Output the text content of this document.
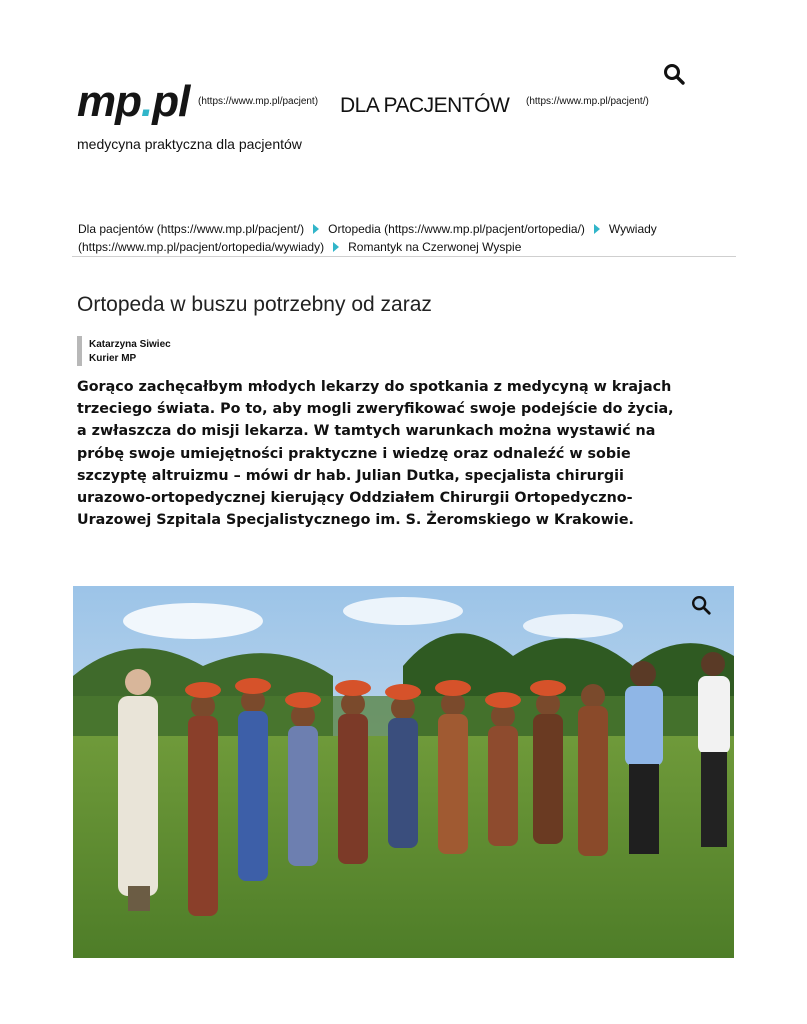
mp.pl (https://www.mp.pl/pacjent) DLA PACJENTÓW (https://www.mp.pl/pacjent/)
medycyna praktyczna dla pacjentów
Dla pacjentów (https://www.mp.pl/pacjent/) Ortopedia (https://www.mp.pl/pacjent/ortopedia/) Wywiady (https://www.mp.pl/pacjent/ortopedia/wywiady) Romantyk na Czerwonej Wyspie
Ortopeda w buszu potrzebny od zaraz
Katarzyna Siwiec
Kurier MP

Gorąco zachęcałbym młodych lekarzy do spotkania z medycyną w krajach trzeciego świata. Po to, aby mogli zweryfikować swoje podejście do życia, a zwłaszcza do misji lekarza. W tamtych warunkach można wystawić na próbę swoje umiejętności praktyczne i wiedzę oraz odnaleźć w sobie szczyptę altruizmu – mówi dr hab. Julian Dutka, specjalista chirurgii urazowo-ortopedycznej kierujący Oddziałem Chirurgii Ortopedyczno-Urazowej Szpitala Specjalistycznego im. S. Żeromskiego w Krakowie.
